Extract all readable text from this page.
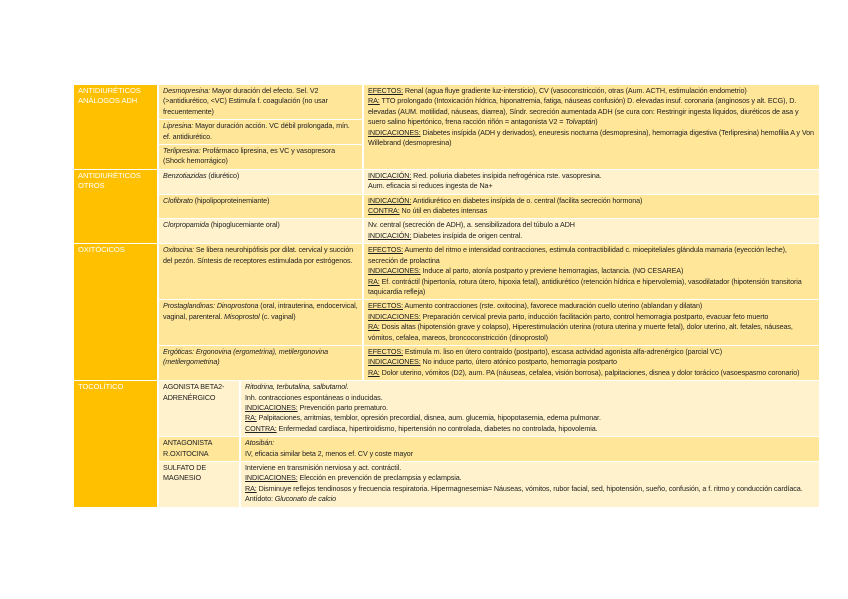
ANTIDIURÉTICOS ANÁLOGOS ADH	Desmopresina: Mayor duración del efecto. Sel. V2 (>antidiurético, <VC) Estimula f. coagulación (no usar frecuentemente)		EFECTOS: Renal (agua fluye gradiente luz-intersticio), CV (vasoconstricción, otras (Aum. ACTH, estimulación endometrio)

RA: TTO prolongado (Intoxicación hídrica, hiponatremia, fatiga, náuseas confusión) D. elevadas insuf. coronaria (anginosos y alt. ECG), D. elevadas (AUM. motilidad, náuseas, diarrea), Síndr. secreción aumentada ADH (se cura con: Restringir ingesta líquidos, diuréticos de asa y suero salino hipertónico, frena racción riñón = antagonista V2 = Tolvaptán)

INDICACIONES: Diabetes insípida (ADH y derivados), eneuresis nocturna (desmopresina), hemorragia digestiva (Terlipresina) hemofilia A y Von Willebrand (desmopresina)

	Lipresina: Mayor duración acción. VC débil prolongada, mín. ef. antidiurético.		

	Terlipresina: Profármaco lipresina, es VC y vasopresora (Shock hemorrágico)		

ANTIDIURÉTICOS OTROS	Benzotiazidas (diurético)		INDICACIÓN: Red. poliuria diabetes insípida nefrogénica rste. vasopresina.

Aum. eficacia si reduces ingesta de Na+

	Clofibrato (hipolipoproteinemiante)		INDICACIÓN: Antidiurético en diabetes insípida de o. central (facilita secreción hormona)

CONTRA: No útil en diabetes intensas

	Clorpropamida (hipoglucemiante oral)		Nv. central (secreción de ADH), a. sensibilizadora del túbulo a ADH

INDICACIÓN: Diabetes insípida de origen central.

OXITÓCICOS	Oxitocina: Se libera neurohipófisis por dilat. cervical y succión del pezón. Síntesis de receptores estimulada por estrógenos.		EFECTOS: Aumento del ritmo e intensidad contracciones, estimula contractibilidad c. mioepiteliales glándula mamaria (eyección leche), secreción de prolactina

INDICACIONES: Induce al parto, atonía postparto y previene hemorragias, lactancia. (NO CESAREA)

RA: Ef. contráctil (hipertonía, rotura útero, hipoxia fetal), antidiurético (retención hídrica e hipervolemia), vasodilatador (hipotensión transitoria taquicardia refleja)

	Prostaglandinas: Dinoprostona (oral, intrauterina, endocervical, vaginal, parenteral. Misoprostol (c. vaginal)		EFECTOS: Aumento contracciones (rste. oxitocina), favorece maduración cuello uterino (ablandan y dilatan)

INDICACIONES: Preparación cervical previa parto, inducción facilitación parto, control hemorragia postparto, evacuar feto muerto

RA: Dosis altas (hipotensión grave y colapso), Hiperestimulación uterina (rotura uterina y muerte fetal), dolor uterino, alt. fetales, náuseas, vómitos, cefalea, mareos, broncoconstricción (dinoprostol)

	Ergóticas: Ergonovina (ergometrina), metilergonovina (metilergometrina)		EFECTOS: Estimula m. liso en útero contraído (postparto), escasa actividad agonista alfa-adrenérgico (parcial VC)

INDICACIONES: No induce parto, útero atónico postparto, hemorragia postparto

RA: Dolor uterino, vómitos (D2), aum. PA (náuseas, cefalea, visión borrosa), palpitaciones, disnea y dolor torácico (vasoespasmo coronario)

TOCOLÍTICO	AGONISTA BETA2-ADRENÉRGICO	Ritodrina, terbutalina, salbutamol.

Inh. contracciones espontáneas o inducidas.

INDICACIONES: Prevención parto prematuro.

RA: Palpitaciones, arritmias, temblor, opresión precordial, disnea, aum. glucemia, hipopotasemia, edema pulmonar.

CONTRA: Enfermedad cardíaca, hipertiroidismo, hipertensión no controlada, diabetes no controlada, hipovolemia.	

	ANTAGONISTA R.OXITOCINA	Atosibán:

IV, eficacia similar beta 2, menos ef. CV y coste mayor	

	SULFATO DE MAGNESIO	Interviene en transmisión nerviosa y act. contráctil.

INDICACIONES: Elección en prevención de preclampsia y eclampsia.

RA: Disminuye reflejos tendinosos y frecuencia respiratoria. Hipermagnesemia= Náuseas, vómitos, rubor facial, sed, hipotensión, sueño, confusión, a f. ritmo y conducción cardíaca. Antídoto: Gluconato de calcio	
